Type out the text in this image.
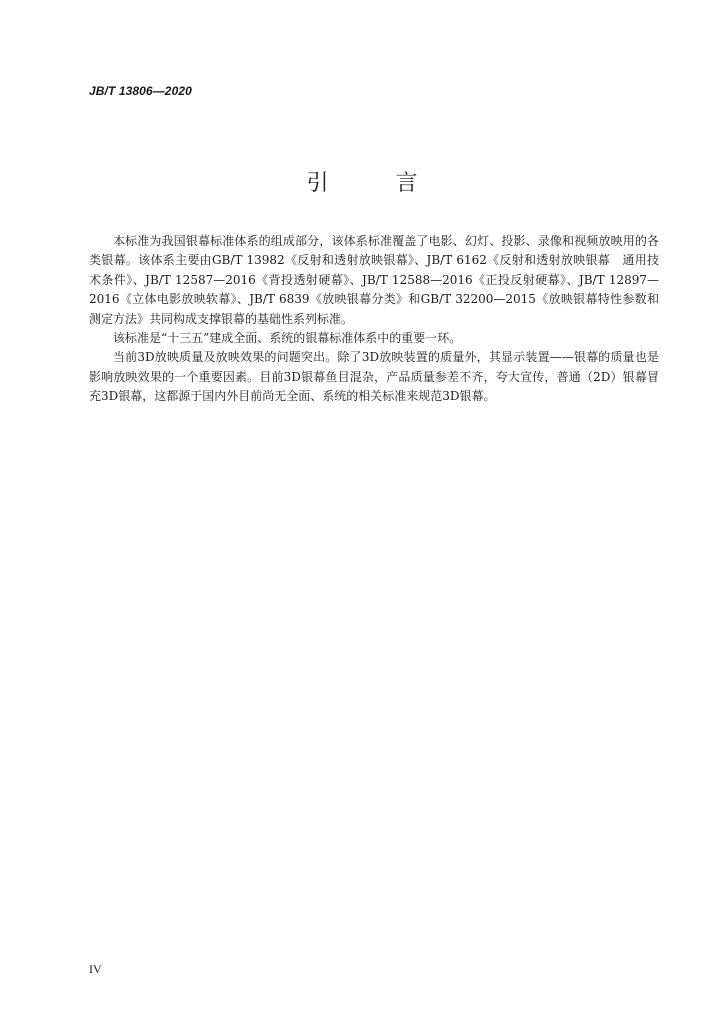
JB/T 13806—2020
引 言

本标准为我国银幕标准体系的组成部分，该体系标准覆盖了电影、幻灯、投影、录像和视频放映用的各类银幕。该体系主要由GB/T 13982《反射和透射放映银幕》、JB/T 6162《反射和透射放映银幕　通用技术条件》、JB/T 12587—2016《背投透射硬幕》、JB/T 12588—2016《正投反射硬幕》、JB/T 12897—2016《立体电影放映软幕》、JB/T 6839《放映银幕分类》和GB/T 32200—2015《放映银幕特性参数和测定方法》共同构成支撑银幕的基础性系列标准。

该标准是“十三五”建成全面、系统的银幕标准体系中的重要一环。

当前3D放映质量及放映效果的问题突出。除了3D放映装置的质量外，其显示装置——银幕的质量也是影响放映效果的一个重要因素。目前3D银幕鱼目混杂，产品质量参差不齐，夸大宣传，普通（2D）银幕冒充3D银幕，这都源于国内外目前尚无全面、系统的相关标准来规范3D银幕。

IV
